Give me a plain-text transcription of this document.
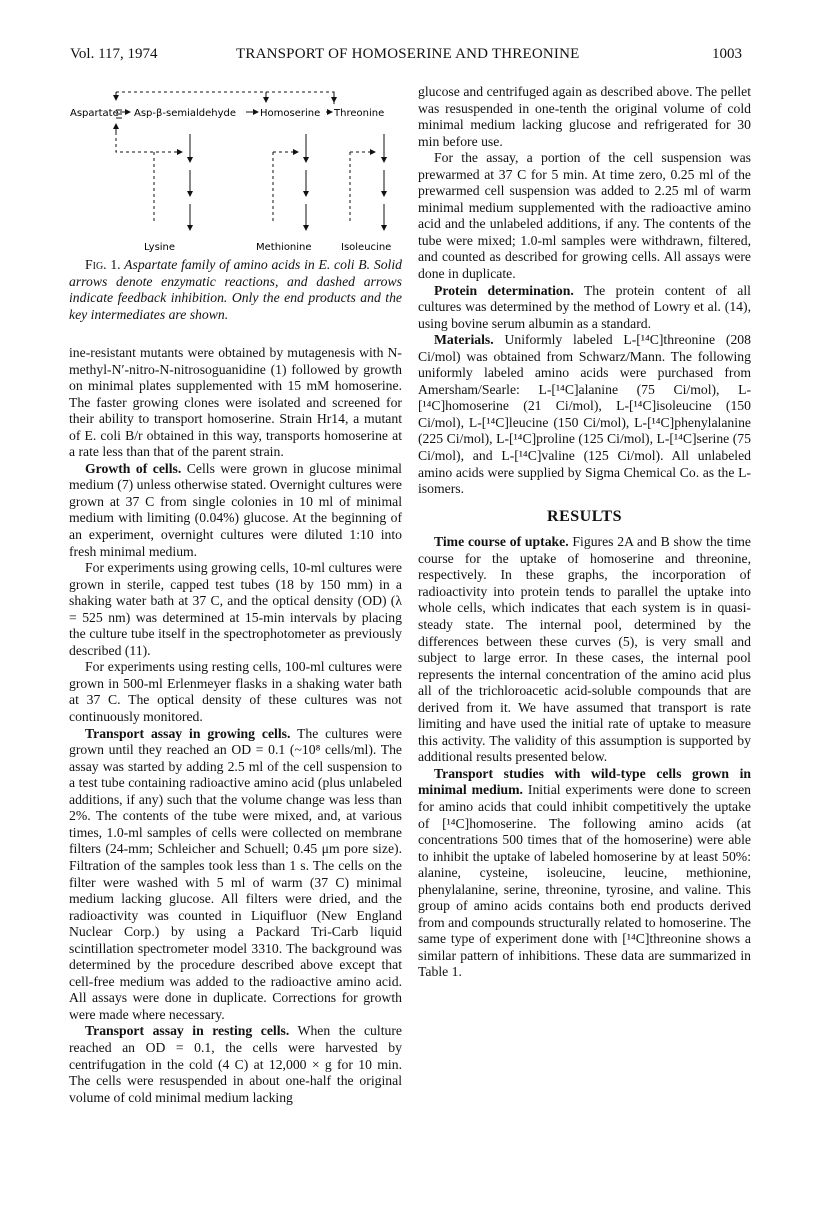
Vol. 117, 1974	TRANSPORT OF HOMOSERINE AND THREONINE	1003
Aspartate Asp-β-semialdehyde Homoserine Threonine
Lysine	Methionine	Isoleucine

Fig. 1. Aspartate family of amino acids in E. coli B. Solid arrows denote enzymatic reactions, and dashed arrows indicate feedback inhibition. Only the end products and the key intermediates are shown.

ine-resistant mutants were obtained by mutagenesis with N-methyl-N′-nitro-N-nitrosoguanidine (1) followed by growth on minimal plates supplemented with 15 mM homoserine. The faster growing clones were isolated and screened for their ability to transport homoserine. Strain Hr14, a mutant of E. coli B/r obtained in this way, transports homoserine at a rate less than that of the parent strain.

Growth of cells. Cells were grown in glucose minimal medium (7) unless otherwise stated. Overnight cultures were grown at 37 C from single colonies in 10 ml of minimal medium with limiting (0.04%) glucose. At the beginning of an experiment, overnight cultures were diluted 1:10 into fresh minimal medium.

For experiments using growing cells, 10-ml cultures were grown in sterile, capped test tubes (18 by 150 mm) in a shaking water bath at 37 C, and the optical density (OD) (λ = 525 nm) was determined at 15-min intervals by placing the culture tube itself in the spectrophotometer as previously described (11).

For experiments using resting cells, 100-ml cultures were grown in 500-ml Erlenmeyer flasks in a shaking water bath at 37 C. The optical density of these cultures was not continuously monitored.

Transport assay in growing cells. The cultures were grown until they reached an OD = 0.1 (~10⁸ cells/ml). The assay was started by adding 2.5 ml of the cell suspension to a test tube containing radioactive amino acid (plus unlabeled additions, if any) such that the volume change was less than 2%. The contents of the tube were mixed, and, at various times, 1.0-ml samples of cells were collected on membrane filters (24-mm; Schleicher and Schuell; 0.45 μm pore size). Filtration of the samples took less than 1 s. The cells on the filter were washed with 5 ml of warm (37 C) minimal medium lacking glucose. All filters were dried, and the radioactivity was counted in Liquifluor (New England Nuclear Corp.) by using a Packard Tri-Carb liquid scintillation spectrometer model 3310. The background was determined by the procedure described above except that cell-free medium was added to the radioactive amino acid. All assays were done in duplicate. Corrections for growth were made where necessary.

Transport assay in resting cells. When the culture reached an OD = 0.1, the cells were harvested by centrifugation in the cold (4 C) at 12,000 × g for 10 min. The cells were resuspended in about one-half the original volume of cold minimal medium lacking

glucose and centrifuged again as described above. The pellet was resuspended in one-tenth the original volume of cold minimal medium lacking glucose and refrigerated for 30 min before use.

For the assay, a portion of the cell suspension was prewarmed at 37 C for 5 min. At time zero, 0.25 ml of the prewarmed cell suspension was added to 2.25 ml of warm minimal medium supplemented with the radioactive amino acid and the unlabeled additions, if any. The contents of the tube were mixed; 1.0-ml samples were withdrawn, filtered, and counted as described for growing cells. All assays were done in duplicate.

Protein determination. The protein content of all cultures was determined by the method of Lowry et al. (14), using bovine serum albumin as a standard.

Materials. Uniformly labeled L-[¹⁴C]threonine (208 Ci/mol) was obtained from Schwarz/Mann. The following uniformly labeled amino acids were purchased from Amersham/Searle: L-[¹⁴C]alanine (75 Ci/mol), L-[¹⁴C]homoserine (21 Ci/mol), L-[¹⁴C]isoleucine (150 Ci/mol), L-[¹⁴C]leucine (150 Ci/mol), L-[¹⁴C]phenylalanine (225 Ci/mol), L-[¹⁴C]proline (125 Ci/mol), L-[¹⁴C]serine (75 Ci/mol), and L-[¹⁴C]valine (125 Ci/mol). All unlabeled amino acids were supplied by Sigma Chemical Co. as the L-isomers.

RESULTS

Time course of uptake. Figures 2A and B show the time course for the uptake of homoserine and threonine, respectively. In these graphs, the incorporation of radioactivity into protein tends to parallel the uptake into whole cells, which indicates that each system is in quasi-steady state. The internal pool, determined by the differences between these curves (5), is very small and subject to large error. In these cases, the internal pool represents the internal concentration of the amino acid plus all of the trichloroacetic acid-soluble compounds that are derived from it. We have assumed that transport is rate limiting and have used the initial rate of uptake to measure this activity. The validity of this assumption is supported by additional results presented below.

Transport studies with wild-type cells grown in minimal medium. Initial experiments were done to screen for amino acids that could inhibit competitively the uptake of [¹⁴C]homoserine. The following amino acids (at concentrations 500 times that of the homoserine) were able to inhibit the uptake of labeled homoserine by at least 50%: alanine, cysteine, isoleucine, leucine, methionine, phenylalanine, serine, threonine, tyrosine, and valine. This group of amino acids contains both end products derived from and compounds structurally related to homoserine. The same type of experiment done with [¹⁴C]threonine shows a similar pattern of inhibitions. These data are summarized in Table 1.
